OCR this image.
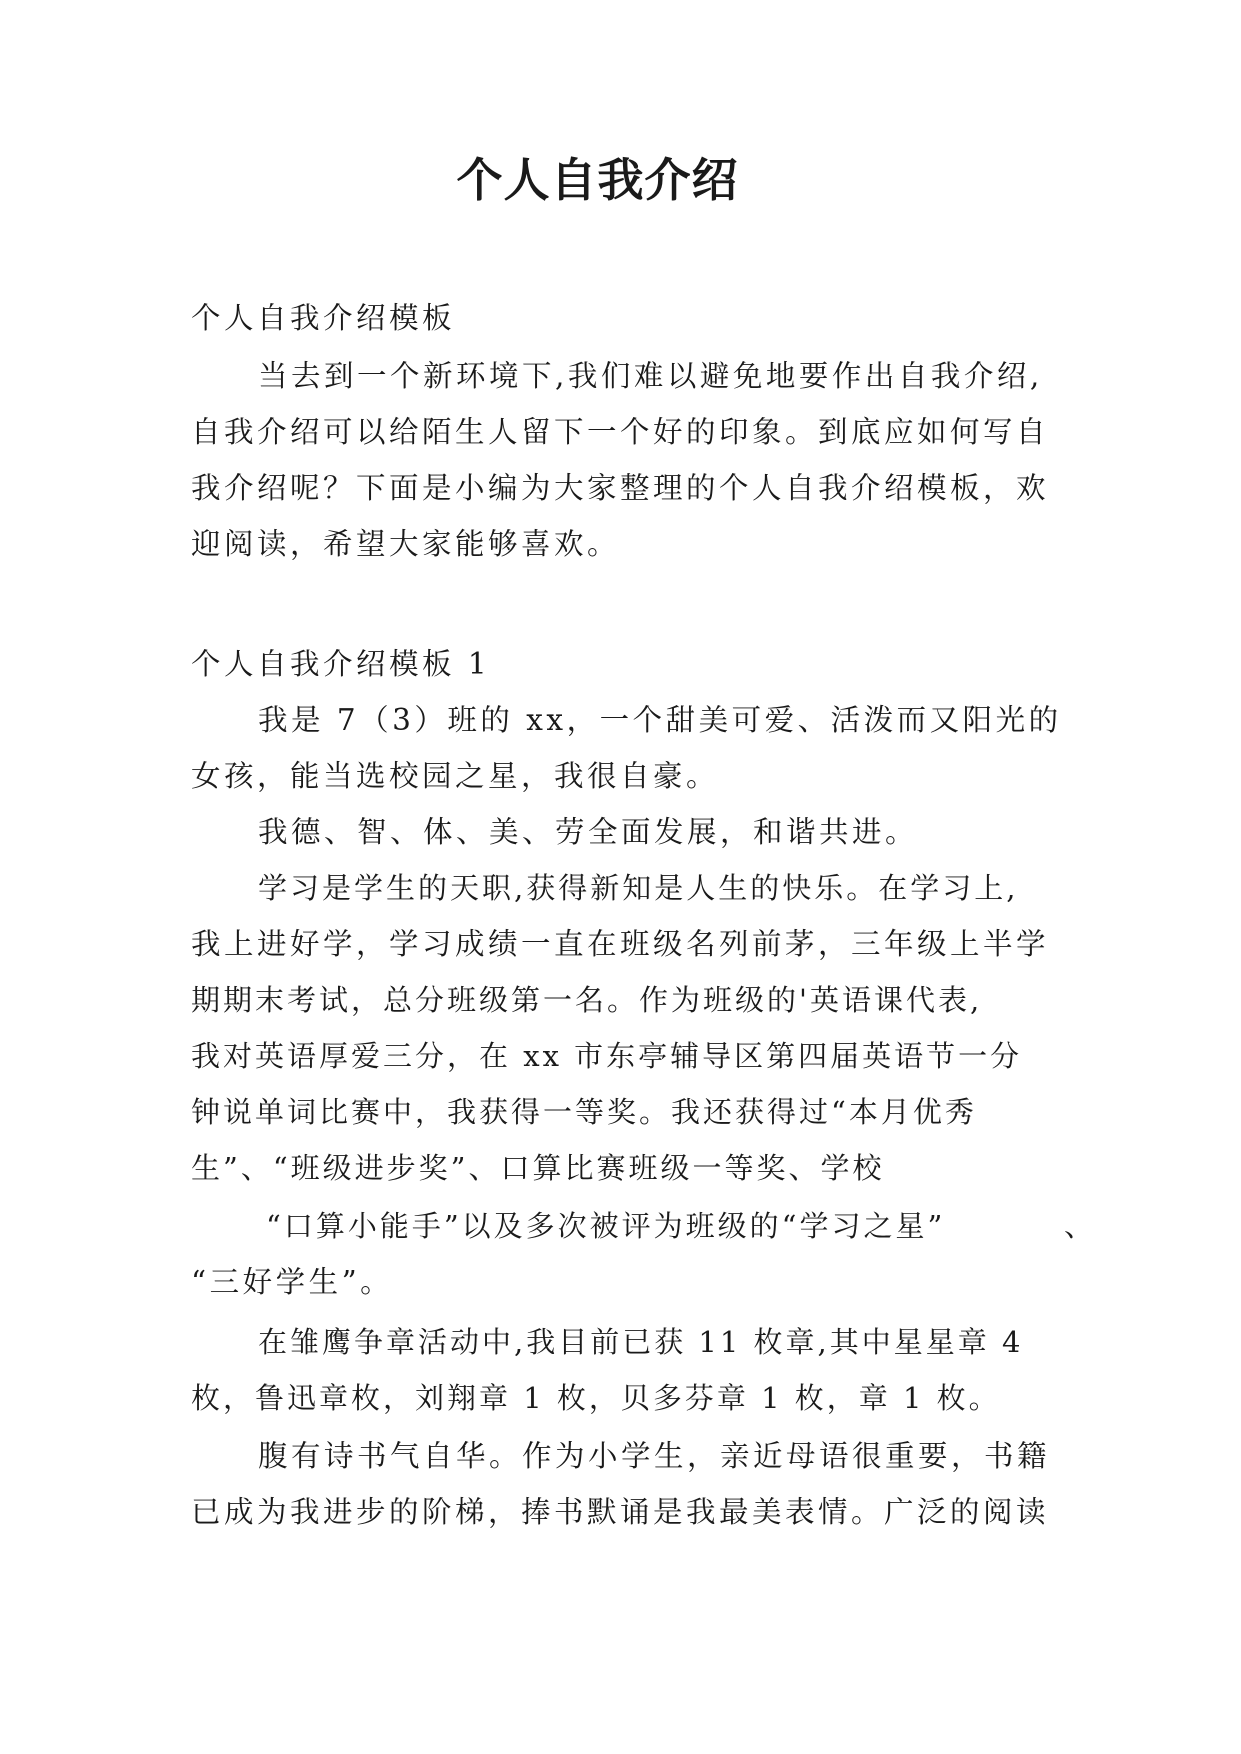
个人自我介绍
个人自我介绍模板
当去到一个新环境下,我们难以避免地要作出自我介绍,
自我介绍可以给陌生人留下一个好的印象。到底应如何写自
我介绍呢？下面是小编为大家整理的个人自我介绍模板，欢
迎阅读，希望大家能够喜欢。
个人自我介绍模板 1
我是 7（3）班的 xx，一个甜美可爱、活泼而又阳光的
女孩，能当选校园之星，我很自豪。
我德、智、体、美、劳全面发展，和谐共进。
学习是学生的天职,获得新知是人生的快乐。在学习上,
我上进好学，学习成绩一直在班级名列前茅，三年级上半学
期期末考试，总分班级第一名。作为班级的'英语课代表,
我对英语厚爱三分，在 xx 市东亭辅导区第四届英语节一分
钟说单词比赛中，我获得一等奖。我还获得过“本月优秀
生”、“班级进步奖”、口算比赛班级一等奖、学校
“口算小能手”以及多次被评为班级的“学习之星”	、
“三好学生”。
在雏鹰争章活动中,我目前已获 11 枚章,其中星星章 4
枚，鲁迅章枚，刘翔章 1 枚，贝多芬章 1 枚，章 1 枚。
腹有诗书气自华。作为小学生，亲近母语很重要，书籍
已成为我进步的阶梯，捧书默诵是我最美表情。广泛的阅读
